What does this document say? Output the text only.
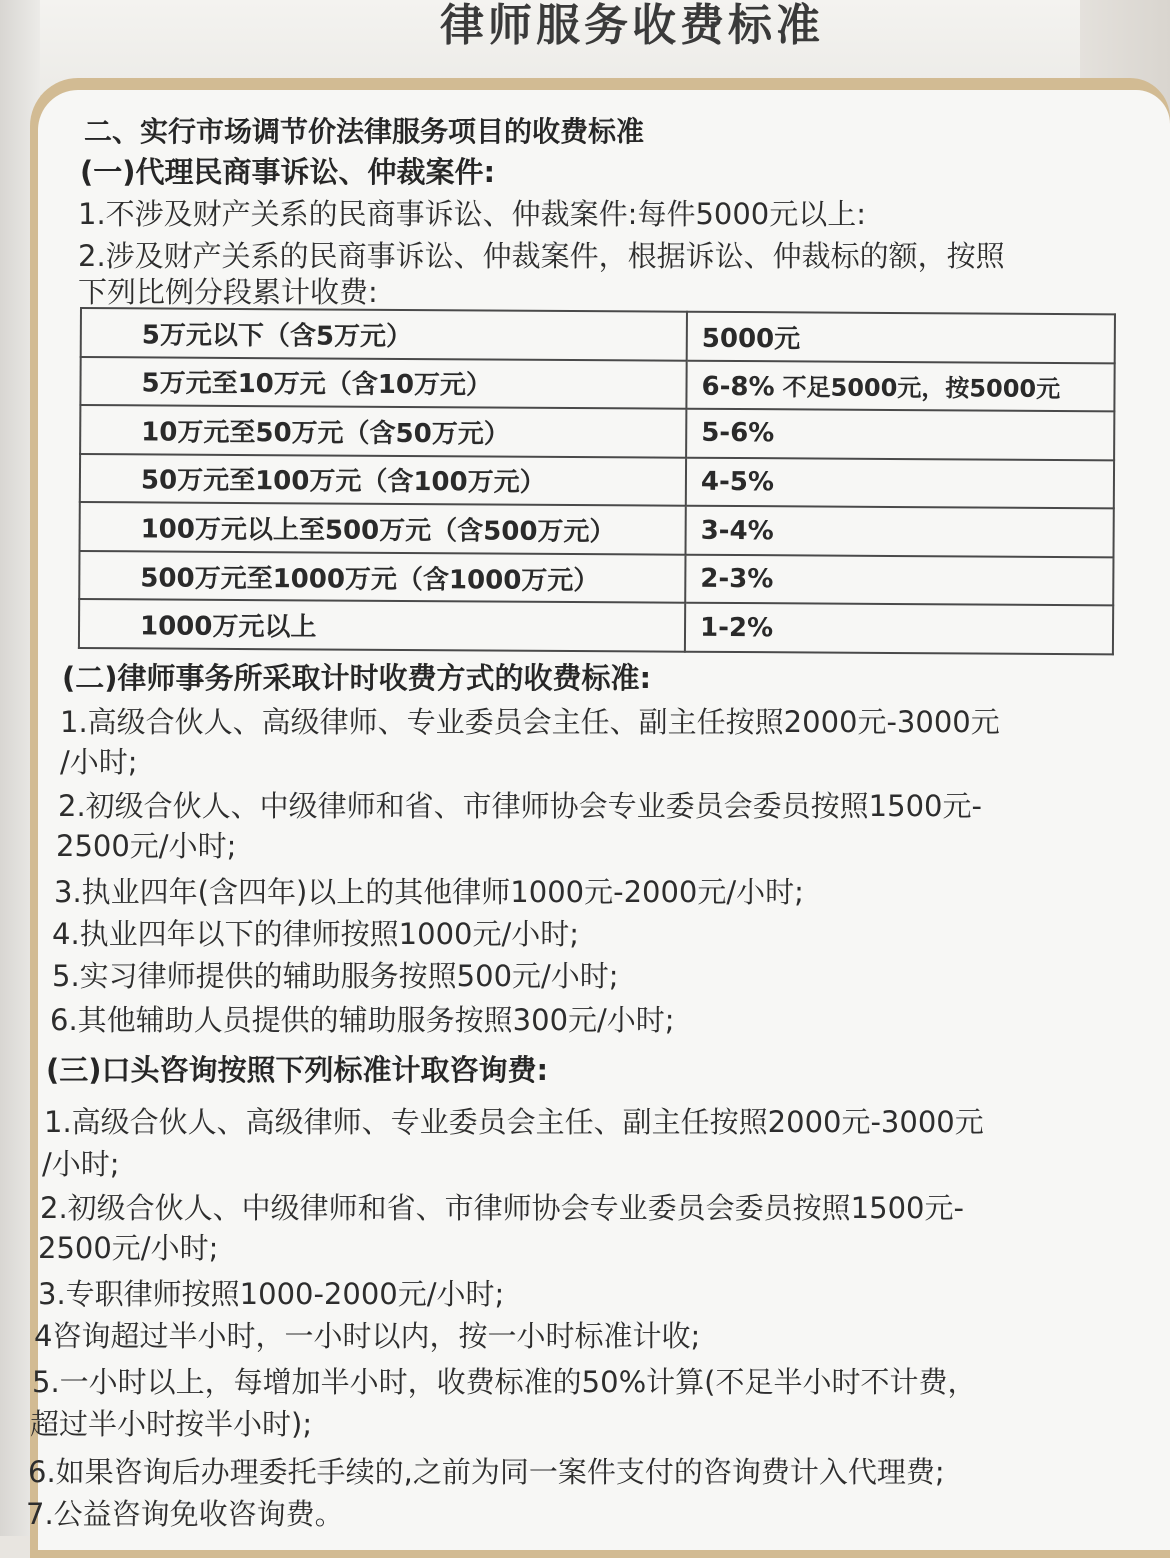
律师服务收费标准
二、实行市场调节价法律服务项目的收费标准
(一)代理民商事诉讼、仲裁案件:
1.不涉及财产关系的民商事诉讼、仲裁案件:每件5000元以上:
2.涉及财产关系的民商事诉讼、仲裁案件，根据诉讼、仲裁标的额，按照
下列比例分段累计收费:
5万元以下（含5万元）	5000元
5万元至10万元（含10万元）	6-8% 不足5000元，按5000元
10万元至50万元（含50万元）	5-6%
50万元至100万元（含100万元）	4-5%
100万元以上至500万元（含500万元）	3-4%
500万元至1000万元（含1000万元）	2-3%
1000万元以上	1-2%
(二)律师事务所采取计时收费方式的收费标准:
1.高级合伙人、高级律师、专业委员会主任、副主任按照2000元-3000元
/小时;
2.初级合伙人、中级律师和省、市律师协会专业委员会委员按照1500元-
2500元/小时;
3.执业四年(含四年)以上的其他律师1000元-2000元/小时;
4.执业四年以下的律师按照1000元/小时;
5.实习律师提供的辅助服务按照500元/小时;
6.其他辅助人员提供的辅助服务按照300元/小时;
(三)口头咨询按照下列标准计取咨询费:
1.高级合伙人、高级律师、专业委员会主任、副主任按照2000元-3000元
/小时;
2.初级合伙人、中级律师和省、市律师协会专业委员会委员按照1500元-
2500元/小时;
3.专职律师按照1000-2000元/小时;
4咨询超过半小时，一小时以内，按一小时标准计收;
5.一小时以上，每增加半小时，收费标准的50%计算(不足半小时不计费，
超过半小时按半小时);
6.如果咨询后办理委托手续的,之前为同一案件支付的咨询费计入代理费;
7.公益咨询免收咨询费。
